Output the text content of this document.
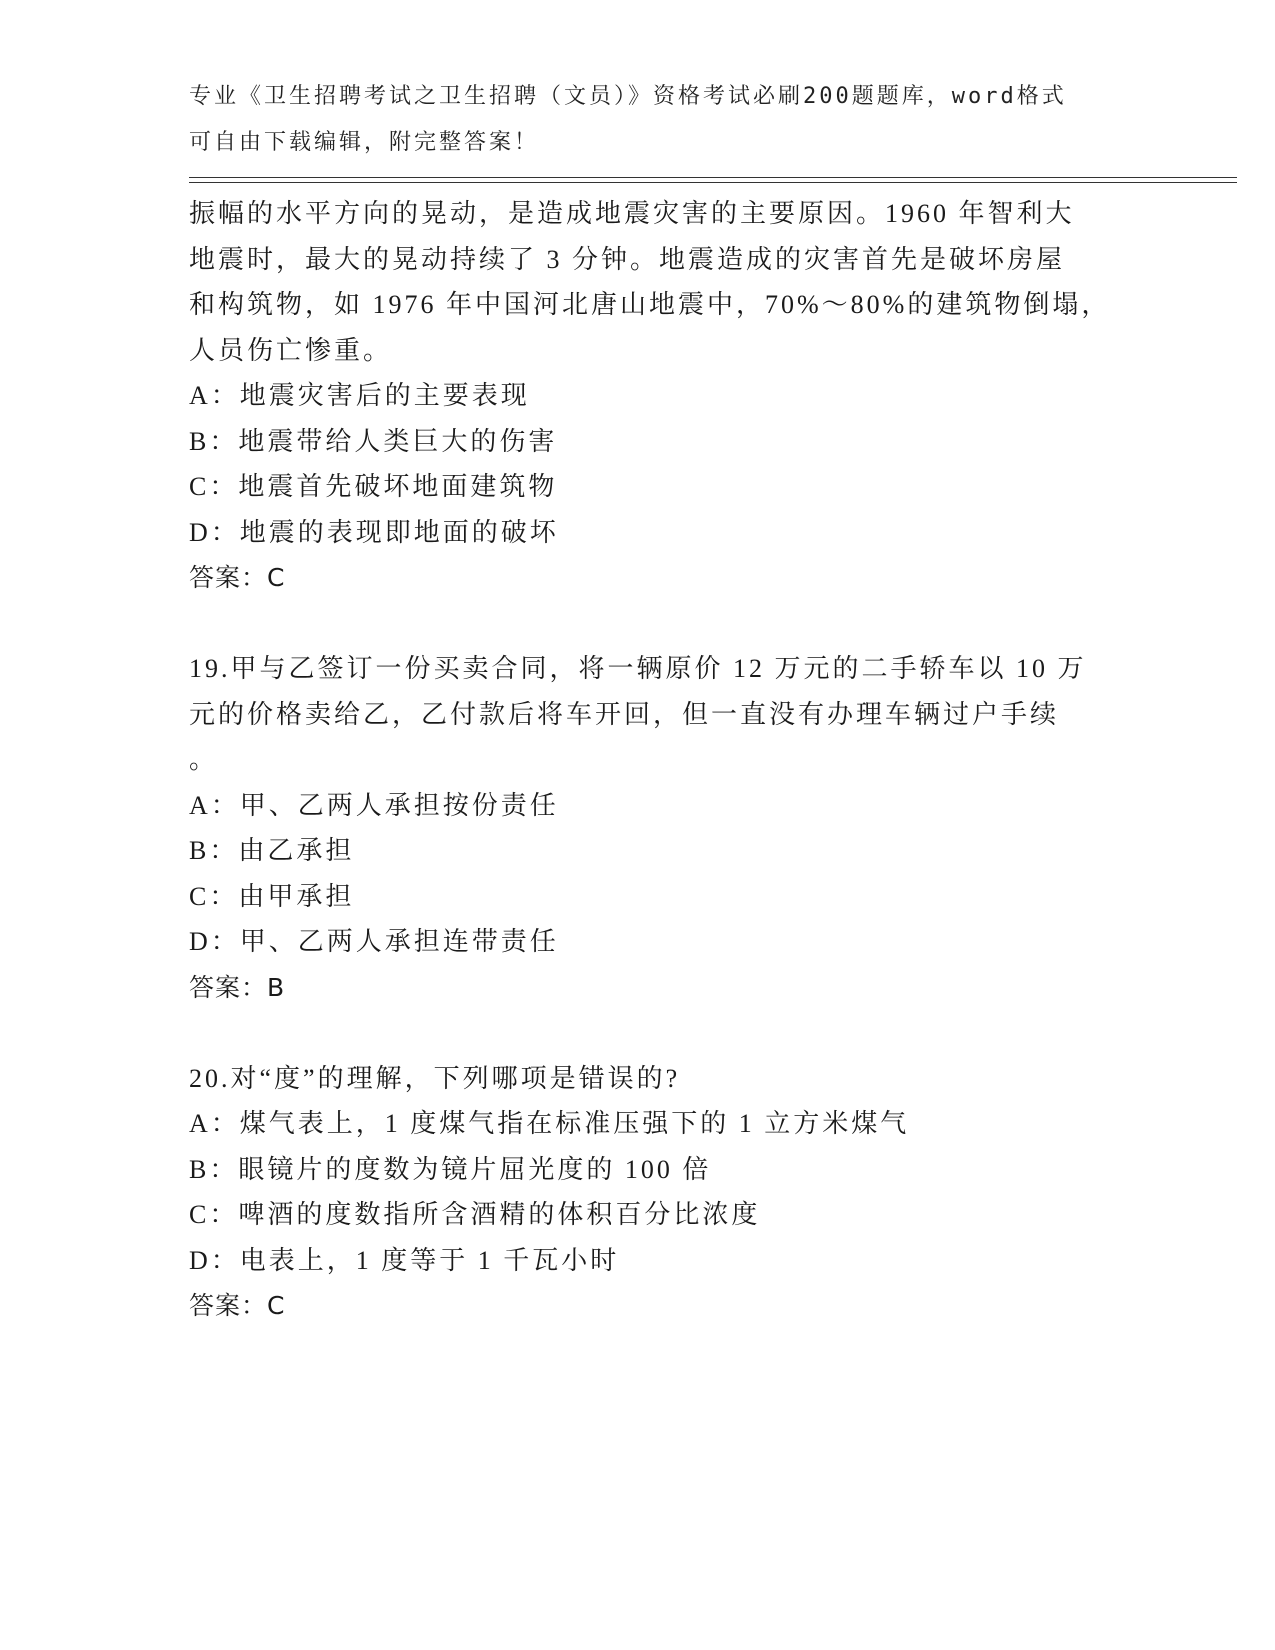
专业《卫生招聘考试之卫生招聘（文员）》资格考试必刷200题题库，word格式
可自由下载编辑，附完整答案！
振幅的水平方向的晃动，是造成地震灾害的主要原因。1960 年智利大
地震时，最大的晃动持续了 3 分钟。地震造成的灾害首先是破坏房屋
和构筑物，如 1976 年中国河北唐山地震中，70%～80%的建筑物倒塌，
人员伤亡惨重。
A：地震灾害后的主要表现
B：地震带给人类巨大的伤害
C：地震首先破坏地面建筑物
D：地震的表现即地面的破坏
答案：C
19.甲与乙签订一份买卖合同，将一辆原价 12 万元的二手轿车以 10 万
元的价格卖给乙，乙付款后将车开回，但一直没有办理车辆过户手续
。
A：甲、乙两人承担按份责任
B：由乙承担
C：由甲承担
D：甲、乙两人承担连带责任
答案：B
20.对“度”的理解，下列哪项是错误的?
A：煤气表上，1 度煤气指在标准压强下的 1 立方米煤气
B：眼镜片的度数为镜片屈光度的 100 倍
C：啤酒的度数指所含酒精的体积百分比浓度
D：电表上，1 度等于 1 千瓦小时
答案：C
